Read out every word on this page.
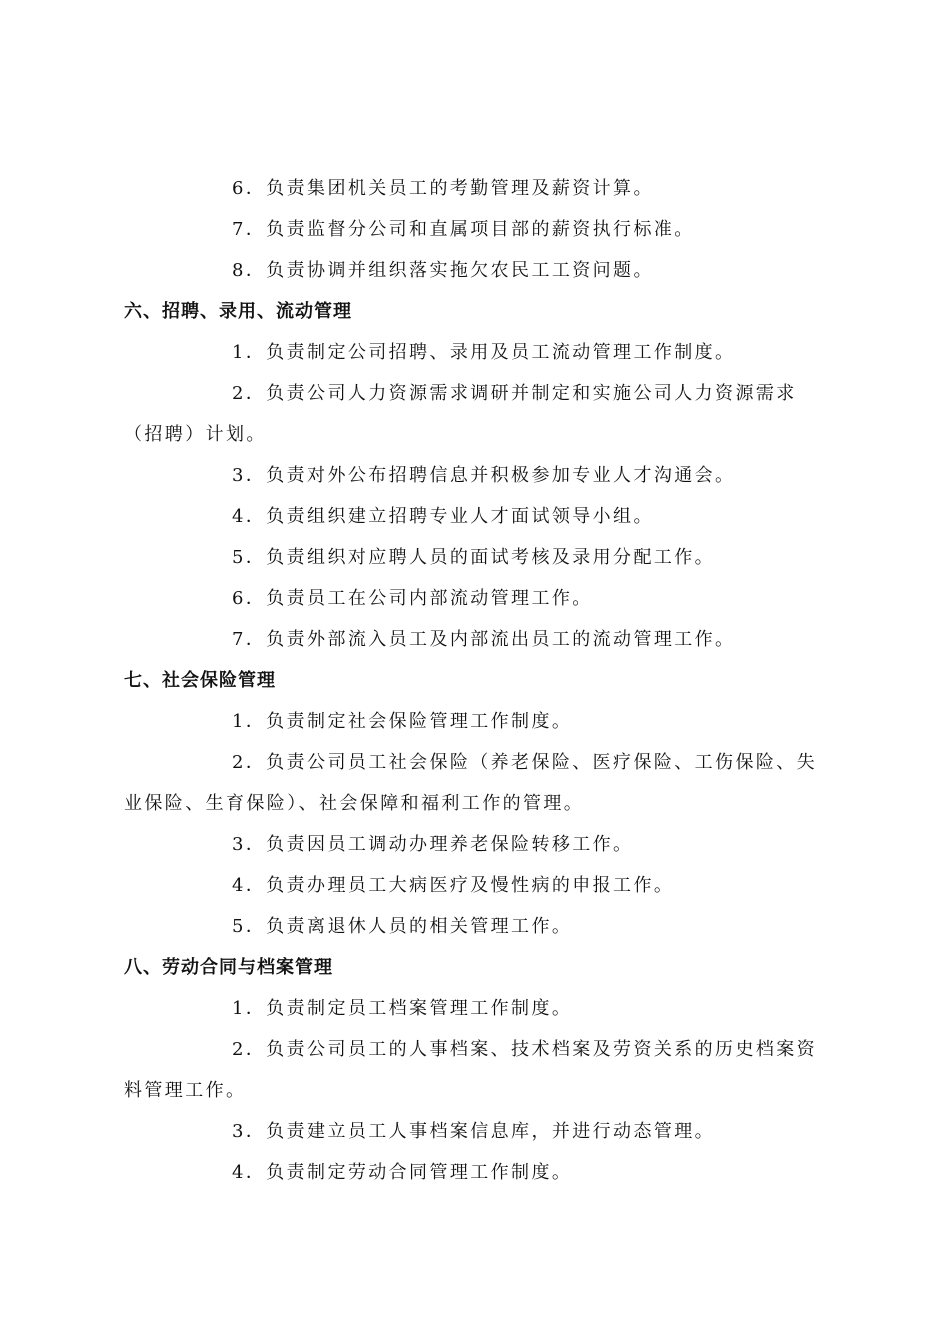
6．负责集团机关员工的考勤管理及薪资计算。
7．负责监督分公司和直属项目部的薪资执行标准。
8．负责协调并组织落实拖欠农民工工资问题。
六、招聘、录用、流动管理
1．负责制定公司招聘、录用及员工流动管理工作制度。
2．负责公司人力资源需求调研并制定和实施公司人力资源需求（招聘）计划。
3．负责对外公布招聘信息并积极参加专业人才沟通会。
4．负责组织建立招聘专业人才面试领导小组。
5．负责组织对应聘人员的面试考核及录用分配工作。
6．负责员工在公司内部流动管理工作。
7．负责外部流入员工及内部流出员工的流动管理工作。
七、社会保险管理
1．负责制定社会保险管理工作制度。
2．负责公司员工社会保险（养老保险、医疗保险、工伤保险、失业保险、生育保险）、社会保障和福利工作的管理。
3．负责因员工调动办理养老保险转移工作。
4．负责办理员工大病医疗及慢性病的申报工作。
5．负责离退休人员的相关管理工作。
八、劳动合同与档案管理
1．负责制定员工档案管理工作制度。
2．负责公司员工的人事档案、技术档案及劳资关系的历史档案资料管理工作。
3．负责建立员工人事档案信息库，并进行动态管理。
4．负责制定劳动合同管理工作制度。
